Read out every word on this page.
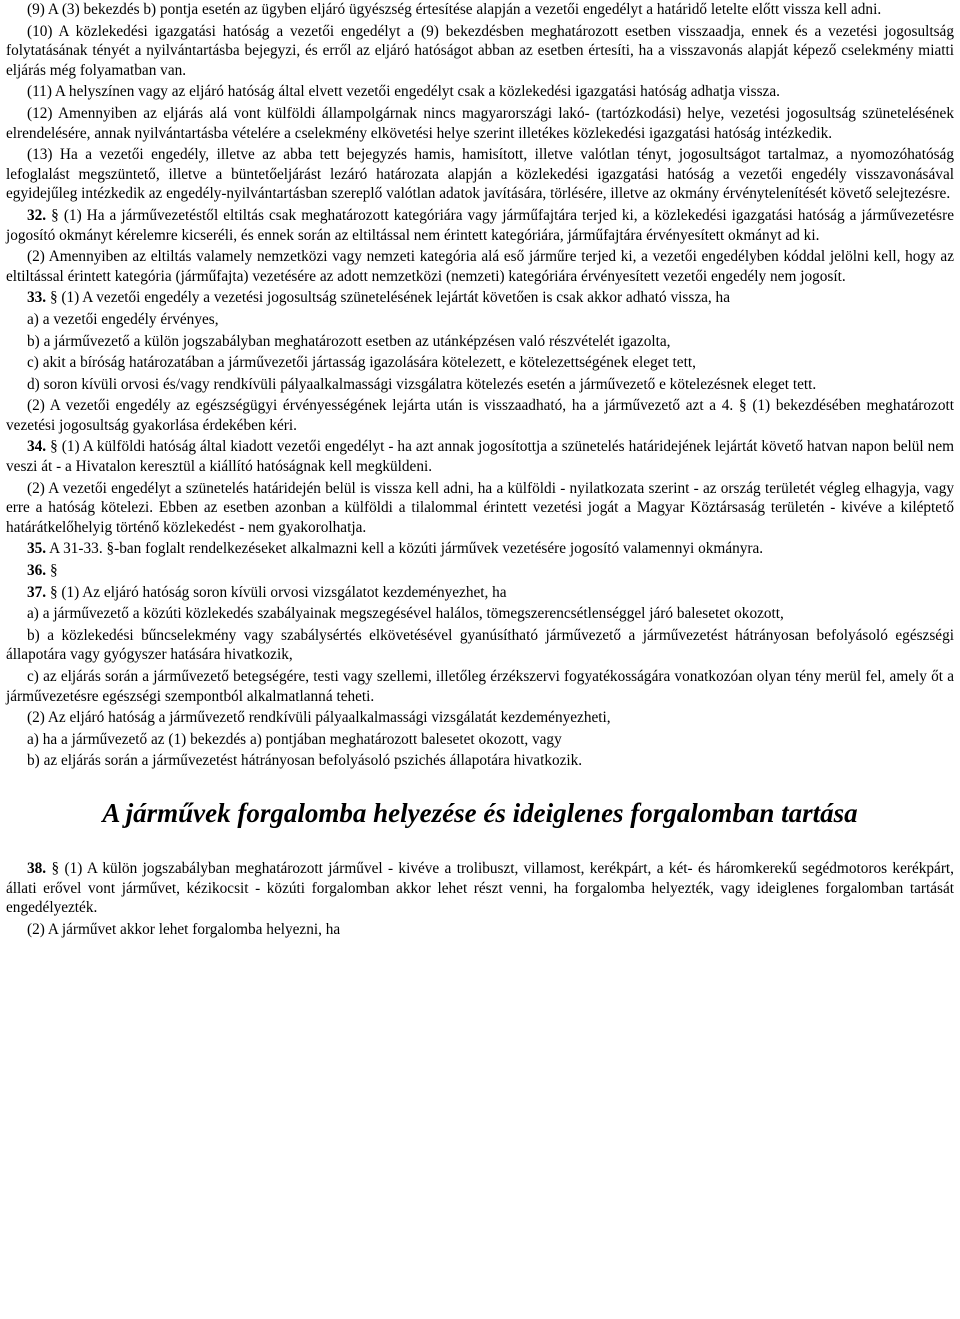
(9) A (3) bekezdés b) pontja esetén az ügyben eljáró ügyészség értesítése alapján a vezetői engedélyt a határidő letelte előtt vissza kell adni.

(10) A közlekedési igazgatási hatóság a vezetői engedélyt a (9) bekezdésben meghatározott esetben visszaadja, ennek és a vezetési jogosultság folytatásának tényét a nyilvántartásba bejegyzi, és erről az eljáró hatóságot abban az esetben értesíti, ha a visszavonás alapját képező cselekmény miatti eljárás még folyamatban van.

(11) A helyszínen vagy az eljáró hatóság által elvett vezetői engedélyt csak a közlekedési igazgatási hatóság adhatja vissza.

(12) Amennyiben az eljárás alá vont külföldi állampolgárnak nincs magyarországi lakó- (tartózkodási) helye, vezetési jogosultság szünetelésének elrendelésére, annak nyilvántartásba vételére a cselekmény elkövetési helye szerint illetékes közlekedési igazgatási hatóság intézkedik.

(13) Ha a vezetői engedély, illetve az abba tett bejegyzés hamis, hamisított, illetve valótlan tényt, jogosultságot tartalmaz, a nyomozóhatóság lefoglalást megszüntető, illetve a büntetőeljárást lezáró határozata alapján a közlekedési igazgatási hatóság a vezetői engedély visszavonásával egyidejűleg intézkedik az engedély-nyilvántartásban szereplő valótlan adatok javítására, törlésére, illetve az okmány érvénytelenítését követő selejtezésre.

32. § (1) Ha a járművezetéstől eltiltás csak meghatározott kategóriára vagy járműfajtára terjed ki, a közlekedési igazgatási hatóság a járművezetésre jogosító okmányt kérelemre kicseréli, és ennek során az eltiltással nem érintett kategóriára, járműfajtára érvényesített okmányt ad ki.

(2) Amennyiben az eltiltás valamely nemzetközi vagy nemzeti kategória alá eső járműre terjed ki, a vezetői engedélyben kóddal jelölni kell, hogy az eltiltással érintett kategória (járműfajta) vezetésére az adott nemzetközi (nemzeti) kategóriára érvényesített vezetői engedély nem jogosít.

33. § (1) A vezetői engedély a vezetési jogosultság szünetelésének lejártát követően is csak akkor adható vissza, ha

a) a vezetői engedély érvényes,

b) a járművezető a külön jogszabályban meghatározott esetben az utánképzésen való részvételét igazolta,

c) akit a bíróság határozatában a járművezetői jártasság igazolására kötelezett, e kötelezettségének eleget tett,

d) soron kívüli orvosi és/vagy rendkívüli pályaalkalmassági vizsgálatra kötelezés esetén a járművezető e kötelezésnek eleget tett.

(2) A vezetői engedély az egészségügyi érvényességének lejárta után is visszaadható, ha a járművezető azt a 4. § (1) bekezdésében meghatározott vezetési jogosultság gyakorlása érdekében kéri.

34. § (1) A külföldi hatóság által kiadott vezetői engedélyt - ha azt annak jogosítottja a szünetelés határidejének lejártát követő hatvan napon belül nem veszi át - a Hivatalon keresztül a kiállító hatóságnak kell megküldeni.

(2) A vezetői engedélyt a szünetelés határidején belül is vissza kell adni, ha a külföldi - nyilatkozata szerint - az ország területét végleg elhagyja, vagy erre a hatóság kötelezi. Ebben az esetben azonban a külföldi a tilalommal érintett vezetési jogát a Magyar Köztársaság területén - kivéve a kiléptető határátkelőhelyig történő közlekedést - nem gyakorolhatja.

35. A 31-33. §-ban foglalt rendelkezéseket alkalmazni kell a közúti járművek vezetésére jogosító valamennyi okmányra.

36. §

37. § (1) Az eljáró hatóság soron kívüli orvosi vizsgálatot kezdeményezhet, ha

a) a járművezető a közúti közlekedés szabályainak megszegésével halálos, tömegszerencsétlenséggel járó balesetet okozott,

b) a közlekedési bűncselekmény vagy szabálysértés elkövetésével gyanúsítható járművezető a járművezetést hátrányosan befolyásoló egészségi állapotára vagy gyógyszer hatására hivatkozik,

c) az eljárás során a járművezető betegségére, testi vagy szellemi, illetőleg érzékszervi fogyatékosságára vonatkozóan olyan tény merül fel, amely őt a járművezetésre egészségi szempontból alkalmatlanná teheti.

(2) Az eljáró hatóság a járművezető rendkívüli pályaalkalmassági vizsgálatát kezdeményezheti,

a) ha a járművezető az (1) bekezdés a) pontjában meghatározott balesetet okozott, vagy

b) az eljárás során a járművezetést hátrányosan befolyásoló pszichés állapotára hivatkozik.

A járművek forgalomba helyezése és ideiglenes forgalomban tartása

38. § (1) A külön jogszabályban meghatározott járművel - kivéve a trolibuszt, villamost, kerékpárt, a két- és háromkerekű segédmotoros kerékpárt, állati erővel vont járművet, kézikocsit - közúti forgalomban akkor lehet részt venni, ha forgalomba helyezték, vagy ideiglenes forgalomban tartását engedélyezték.

(2) A járművet akkor lehet forgalomba helyezni, ha
